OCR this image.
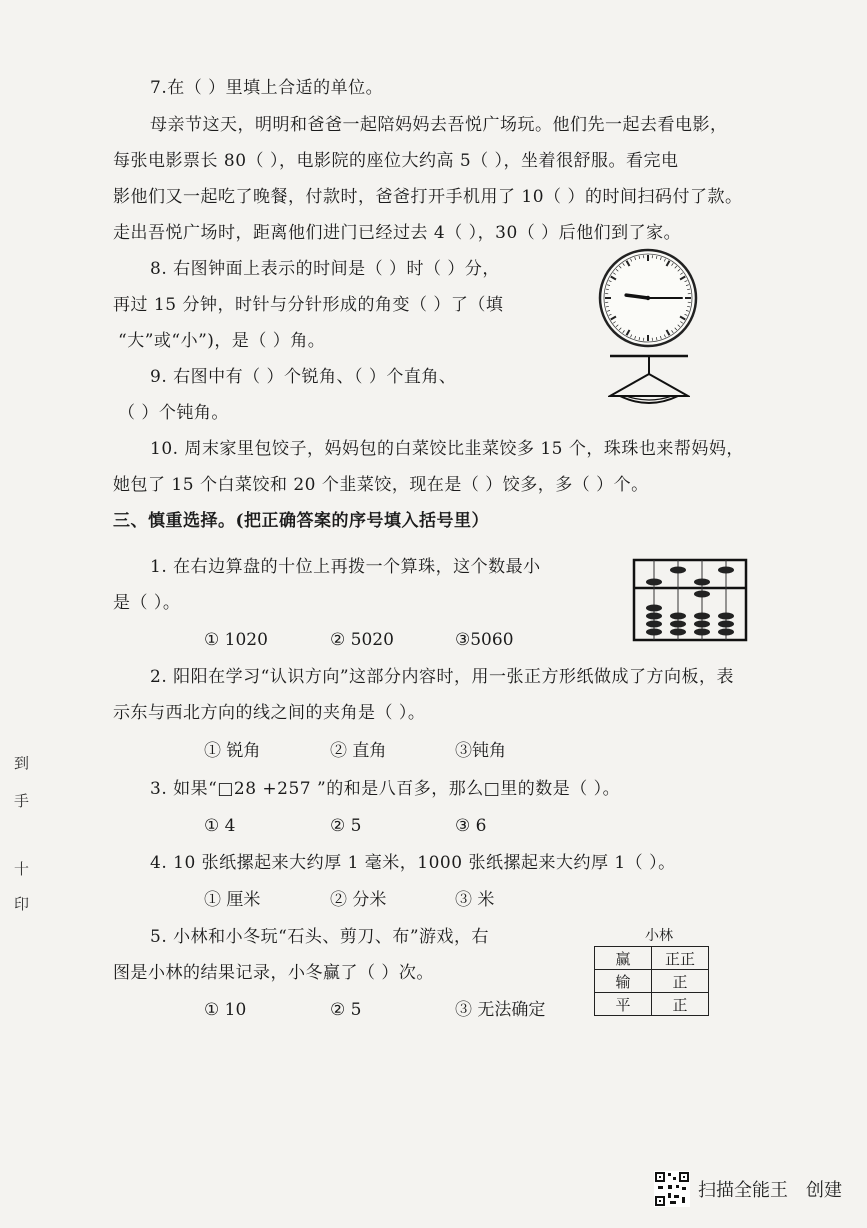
7.在（ ）里填上合适的单位。
母亲节这天，明明和爸爸一起陪妈妈去吾悦广场玩。他们先一起去看电影，
每张电影票长 80（ ），电影院的座位大约高 5（ ），坐着很舒服。看完电
影他们又一起吃了晚餐，付款时，爸爸打开手机用了 10（ ）的时间扫码付了款。
走出吾悦广场时，距离他们进门已经过去 4（ ），30（ ）后他们到了家。
8. 右图钟面上表示的时间是（ ）时（ ）分，
再过 15 分钟，时针与分针形成的角变（ ）了（填
“大”或“小”)，是（ ）角。
9. 右图中有（ ）个锐角、（ ）个直角、
（ ）个钝角。
10. 周末家里包饺子，妈妈包的白菜饺比韭菜饺多 15 个，珠珠也来帮妈妈，
她包了 15 个白菜饺和 20 个韭菜饺，现在是（ ）饺多，多（ ）个。
三、慎重选择。(把正确答案的序号填入括号里）
1. 在右边算盘的十位上再拨一个算珠，这个数最小
是（ ）。
① 1020	② 5020	③5060
2. 阳阳在学习“认识方向”这部分内容时，用一张正方形纸做成了方向板，表
示东与西北方向的线之间的夹角是（ ）。
① 锐角	② 直角	③钝角
3. 如果“□28 +257 ”的和是八百多，那么□里的数是（ ）。
① 4	② 5	③ 6
4. 10 张纸摞起来大约厚 1 毫米，1000 张纸摞起来大约厚 1（ ）。
① 厘米	② 分米	③ 米
5. 小林和小冬玩“石头、剪刀、布”游戏，右
图是小林的结果记录，小冬赢了（ ）次。
① 10	② 5	③ 无法确定
小林
赢	正正
输	正
平	正
到
手
十
印
扫描全能王 创建
